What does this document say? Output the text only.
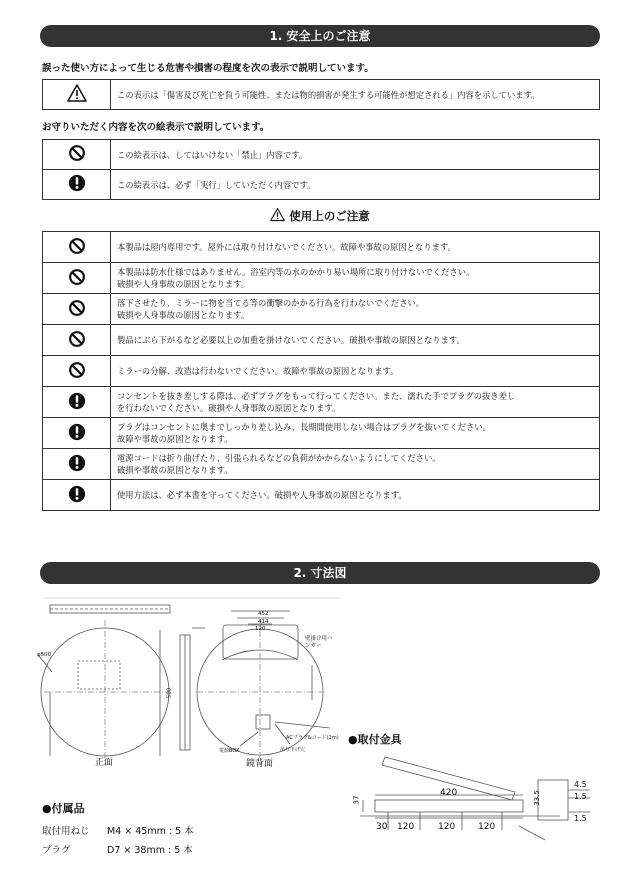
1. 安全上のご注意
誤った使い方によって生じる危害や損害の程度を次の表示で説明しています。
	この表示は「傷害及び死亡を負う可能性、または物的損害が発生する可能性が想定される」内容を示しています。
お守りいただく内容を次の絵表示で説明しています。
	この絵表示は、してはいけない「禁止」内容です。
	この絵表示は、必ず「実行」していただく内容です。
使用上のご注意

本製品は屋内専用です。屋外には取り付けないでください。故障や事故の原因となります。

本製品は防水仕様ではありません。浴室内等の水のかかり易い場所に取り付けないでください。
破損や人身事故の原因となります。

落下させたり、ミラーに物を当てる等の衝撃のかかる行為を行わないでください。
破損や人身事故の原因となります。

製品にぶら下がるなど必要以上の加重を掛けないでください。破損や事故の原因となります。

ミラーの分解、改造は行わないでください。故障や事故の原因となります。

コンセントを抜き差しする際は、必ずプラグをもって行ってください。また、濡れた手でプラグの抜き差し
を行わないでください。破損や人身事故の原因となります。

プラグはコンセントに奥までしっかり差し込み、長期間使用しない場合はプラグを抜いてください。
故障や事故の原因となります。

電源コードは折り曲げたり、引張られるなどの負荷がかからないようにしてください。
破損や事故の原因となります。

使用方法は、必ず本書を守ってください。破損や人身事故の原因となります。
2. 寸法図
452
414
120
φ500
500
壁掛け用ハンガー
電源BOX
ACプラグ&コード(1m)
吊り下げ穴
正面	鏡背面
●取付金具
420
30 120	120	120
37	33.5
4.5
1.5
1.5
●付属品
取付用ねじ M4 × 45mm : 5 本
プラグ	D7 × 38mm : 5 本
